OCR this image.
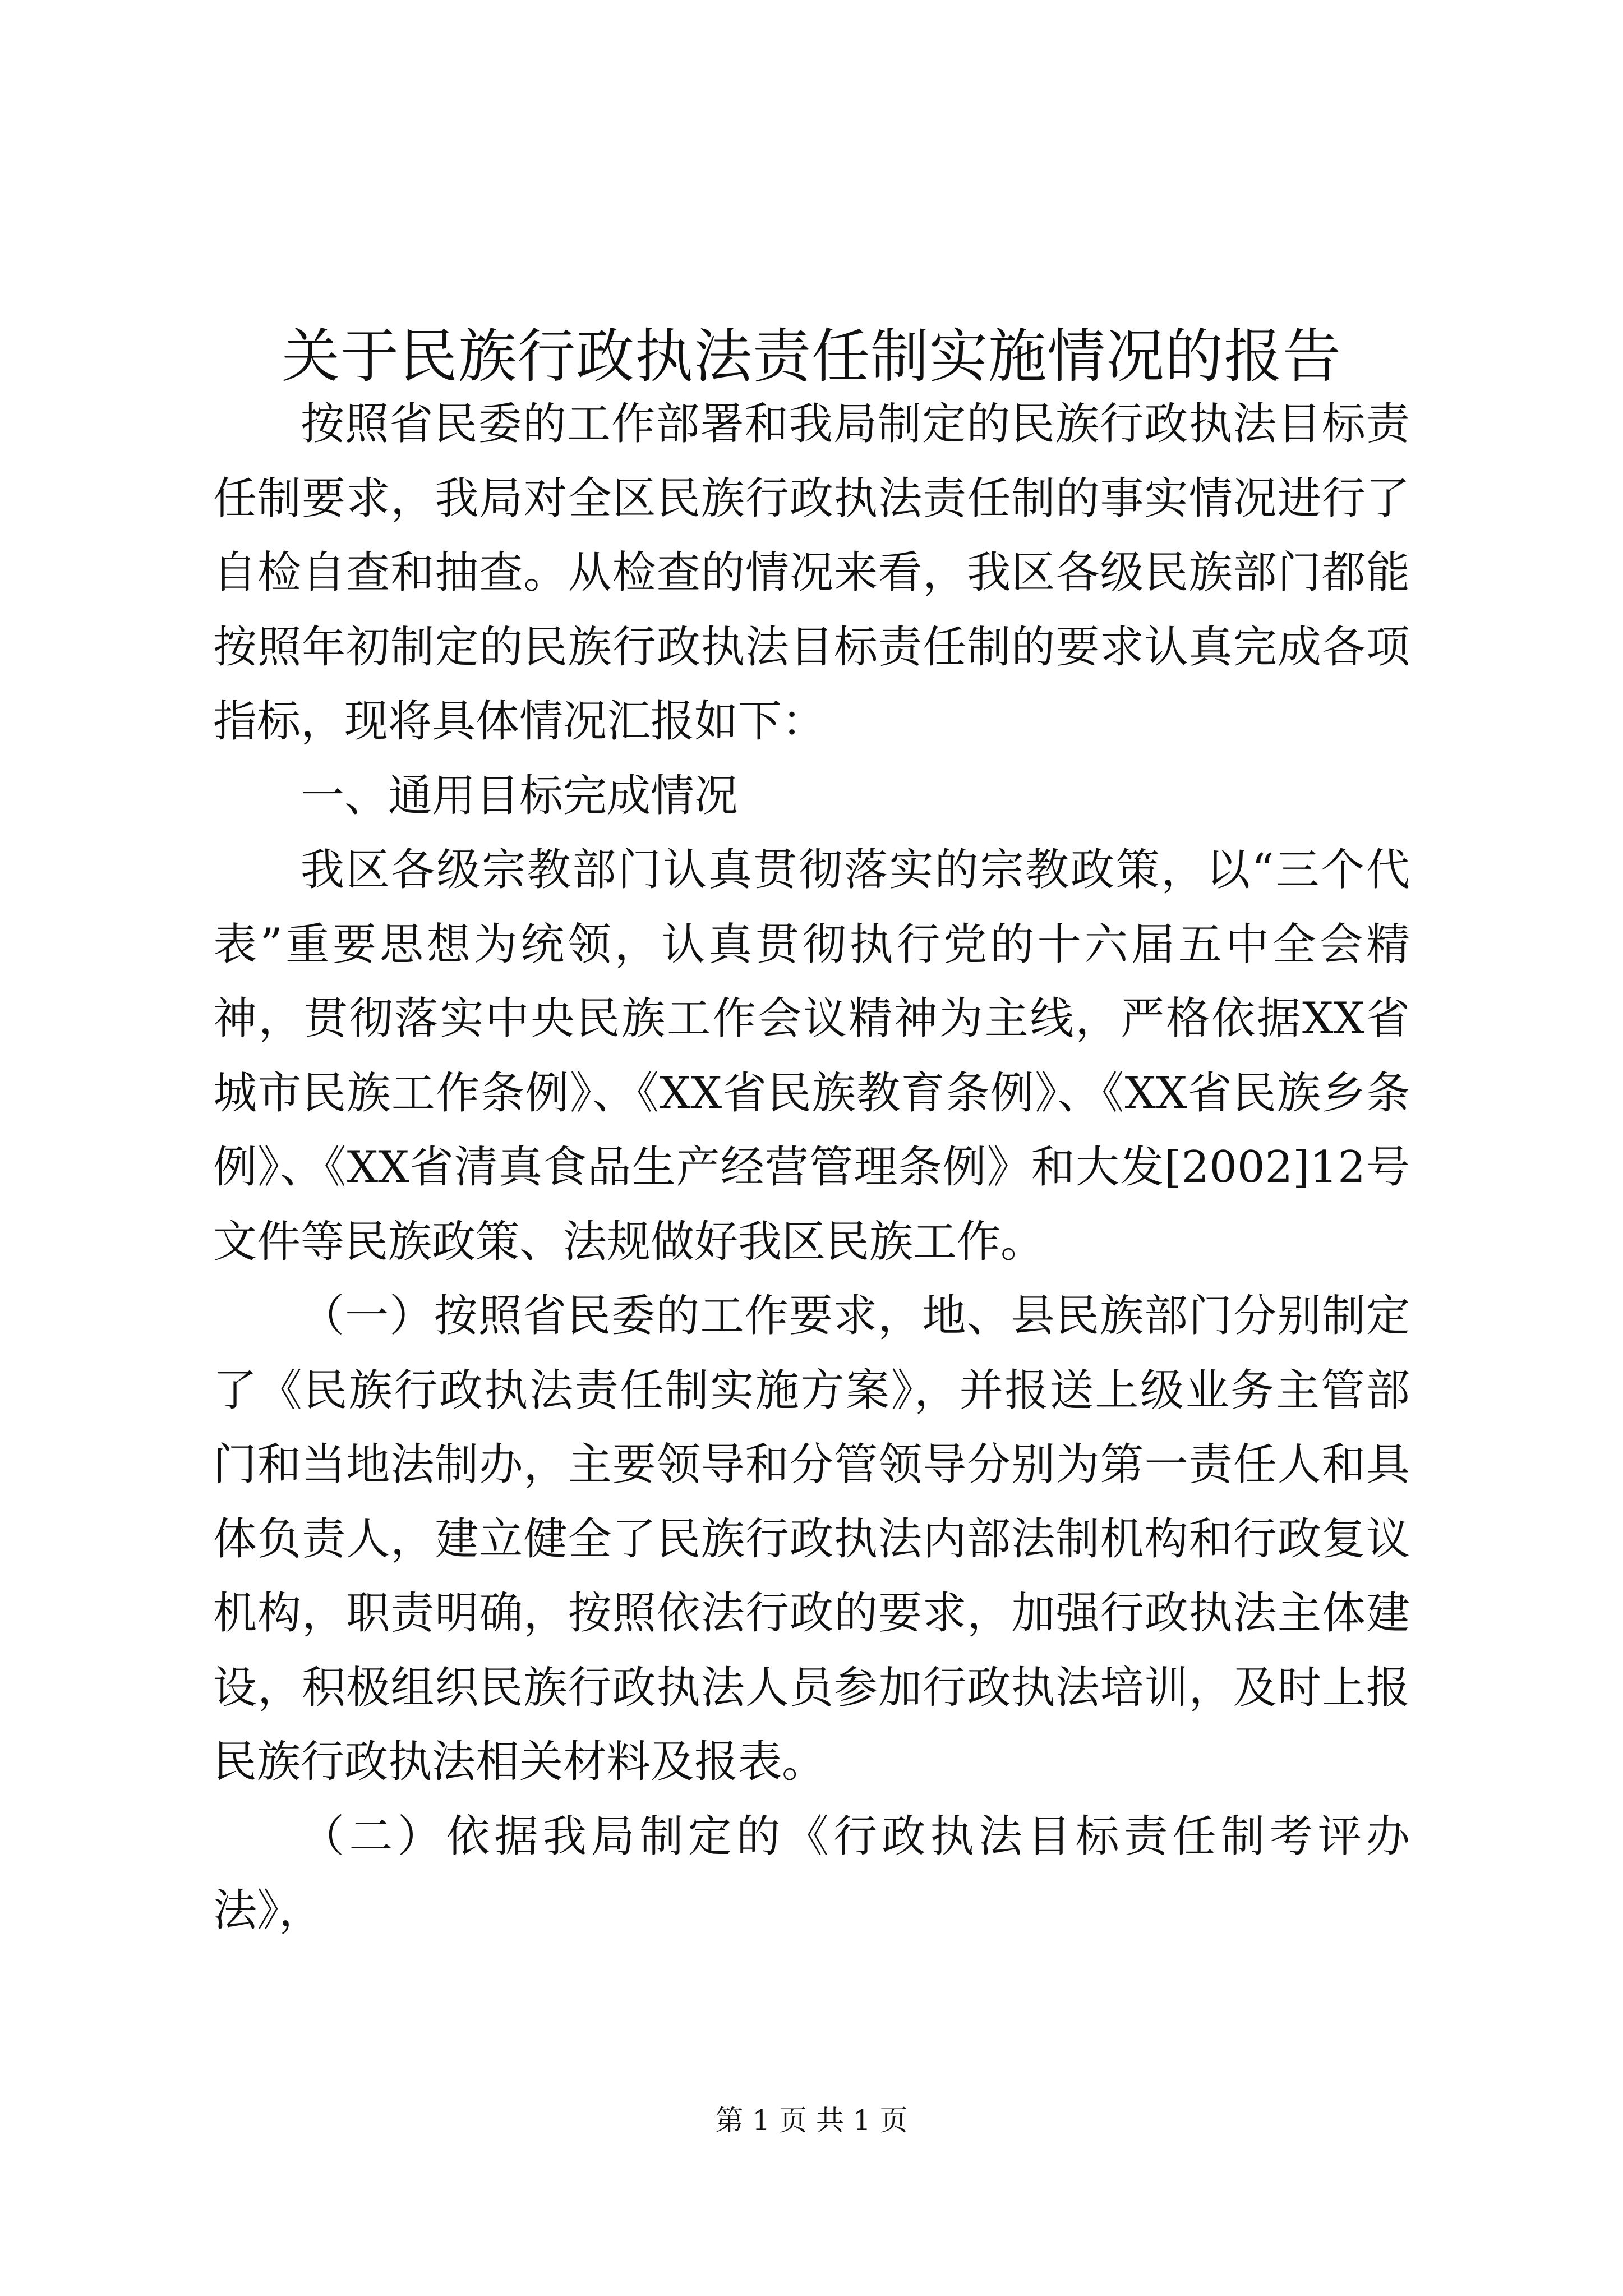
关于民族行政执法责任制实施情况的报告

按照省民委的工作部署和我局制定的民族行政执法目标责任制要求，我局对全区民族行政执法责任制的事实情况进行了自检自查和抽查。从检查的情况来看，我区各级民族部门都能按照年初制定的民族行政执法目标责任制的要求认真完成各项指标，现将具体情况汇报如下：

一、通用目标完成情况

我区各级宗教部门认真贯彻落实的宗教政策，以“三个代表”重要思想为统领，认真贯彻执行党的十六届五中全会精神，贯彻落实中央民族工作会议精神为主线，严格依据XX省城市民族工作条例》、《XX省民族教育条例》、《XX省民族乡条例》、《XX省清真食品生产经营管理条例》和大发[2002]12号文件等民族政策、法规做好我区民族工作。

（一）按照省民委的工作要求，地、县民族部门分别制定了《民族行政执法责任制实施方案》，并报送上级业务主管部门和当地法制办，主要领导和分管领导分别为第一责任人和具体负责人，建立健全了民族行政执法内部法制机构和行政复议机构，职责明确，按照依法行政的要求，加强行政执法主体建设，积极组织民族行政执法人员参加行政执法培训，及时上报民族行政执法相关材料及报表。

（二）依据我局制定的《行政执法目标责任制考评办法》，

第 1 页 共 1 页
